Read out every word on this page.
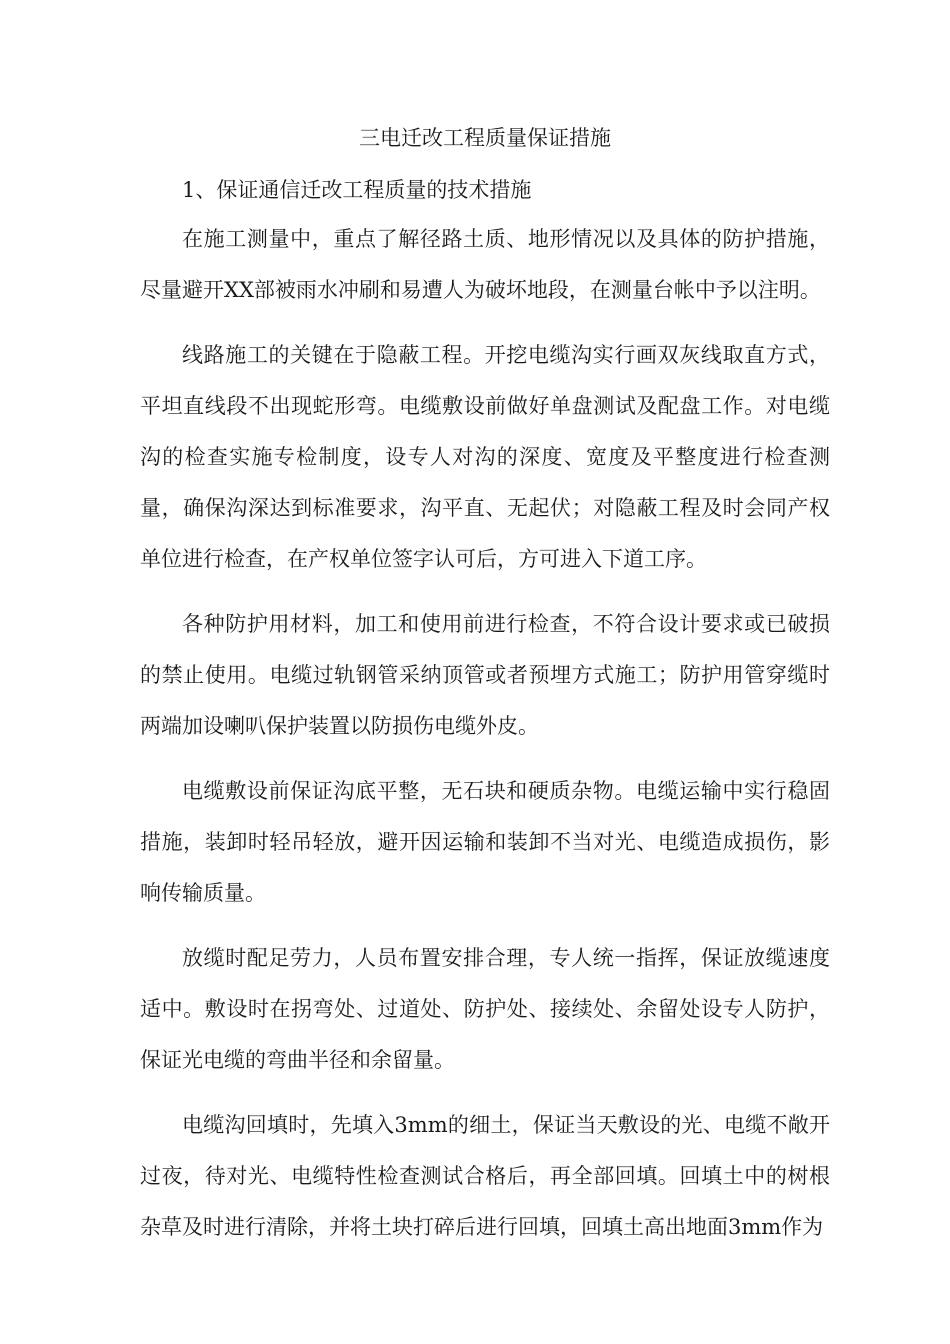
三电迁改工程质量保证措施

1、保证通信迁改工程质量的技术措施

在施工测量中，重点了解径路土质、地形情况以及具体的防护措施，尽量避开XX部被雨水冲刷和易遭人为破坏地段，在测量台帐中予以注明。

线路施工的关键在于隐蔽工程。开挖电缆沟实行画双灰线取直方式，平坦直线段不出现蛇形弯。电缆敷设前做好单盘测试及配盘工作。对电缆沟的检查实施专检制度，设专人对沟的深度、宽度及平整度进行检查测量，确保沟深达到标准要求，沟平直、无起伏；对隐蔽工程及时会同产权单位进行检查，在产权单位签字认可后，方可进入下道工序。

各种防护用材料，加工和使用前进行检查，不符合设计要求或已破损的禁止使用。电缆过轨钢管采纳顶管或者预埋方式施工；防护用管穿缆时两端加设喇叭保护装置以防损伤电缆外皮。

电缆敷设前保证沟底平整，无石块和硬质杂物。电缆运输中实行稳固措施，装卸时轻吊轻放，避开因运输和装卸不当对光、电缆造成损伤，影响传输质量。

放缆时配足劳力，人员布置安排合理，专人统一指挥，保证放缆速度适中。敷设时在拐弯处、过道处、防护处、接续处、余留处设专人防护，保证光电缆的弯曲半径和余留量。

电缆沟回填时，先填入3mm的细土，保证当天敷设的光、电缆不敞开过夜，待对光、电缆特性检查测试合格后，再全部回填。回填土中的树根杂草及时进行清除，并将土块打碎后进行回填，回填土高出地面3mm作为
